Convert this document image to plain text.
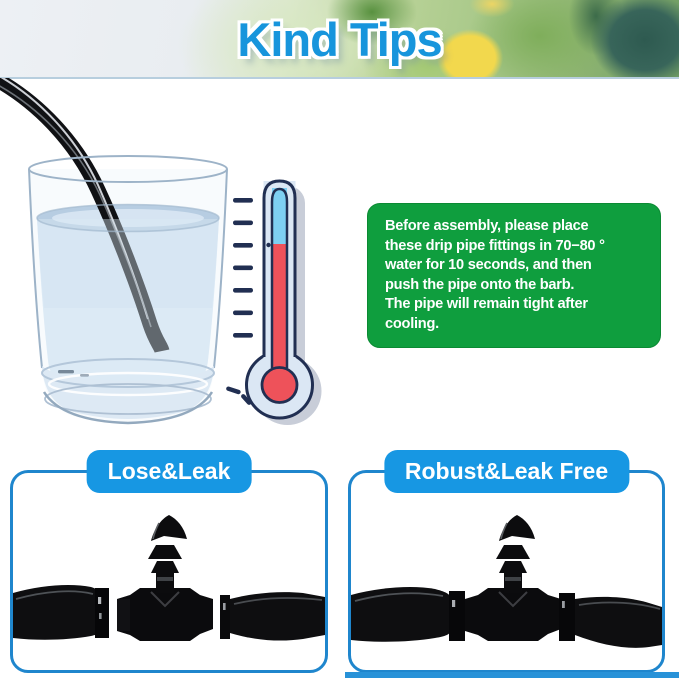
Kind Tips
Before assembly, please place
these drip pipe fittings in 70−80 °
water for 10 seconds, and then
push the pipe onto the barb.
The pipe will remain tight after
cooling.
Lose&Leak	Robust&Leak Free
